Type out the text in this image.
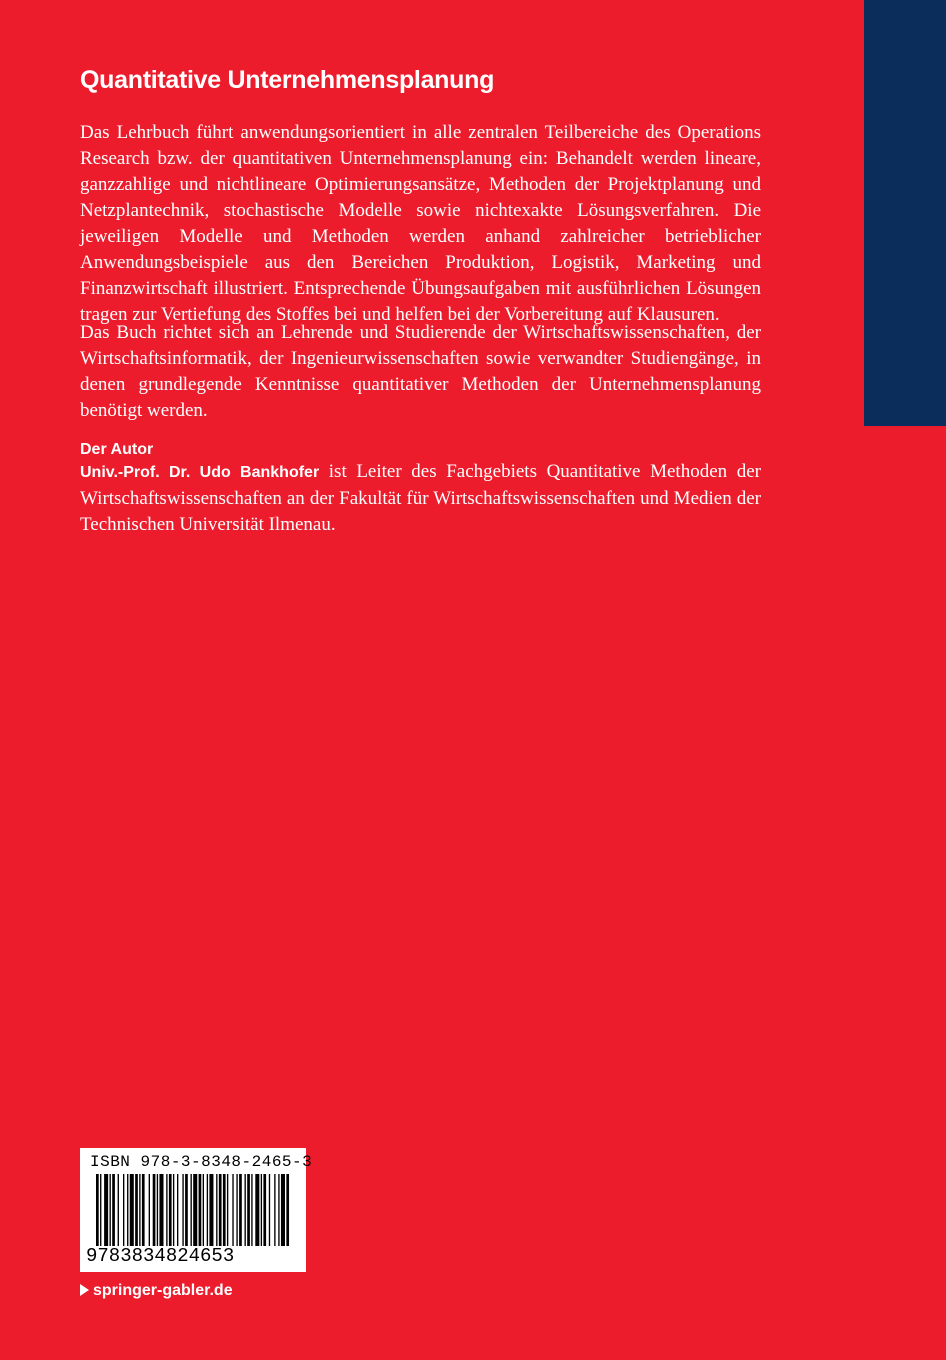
Quantitative Unternehmensplanung

Das Lehrbuch führt anwendungsorientiert in alle zentralen Teilbereiche des Operations Research bzw. der quantitativen Unternehmensplanung ein: Behandelt werden lineare, ganzzahlige und nichtlineare Optimierungsansätze, Methoden der Projektplanung und Netzplantechnik, stochastische Modelle sowie nichtexakte Lösungsverfahren. Die jeweiligen Modelle und Methoden werden anhand zahlreicher betrieblicher Anwendungsbeispiele aus den Bereichen Produktion, Logistik, Marketing und Finanzwirtschaft illustriert. Entsprechende Übungsaufgaben mit ausführlichen Lösungen tragen zur Vertiefung des Stoffes bei und helfen bei der Vorbereitung auf Klausuren.

Das Buch richtet sich an Lehrende und Studierende der Wirtschaftswissenschaften, der Wirtschaftsinformatik, der Ingenieurwissenschaften sowie verwandter Studiengänge, in denen grundlegende Kenntnisse quantitativer Methoden der Unternehmensplanung benötigt werden.

Der Autor

Univ.-Prof. Dr. Udo Bankhofer ist Leiter des Fachgebiets Quantitative Methoden der Wirtschaftswissenschaften an der Fakultät für Wirtschaftswissenschaften und Medien der Technischen Universität Ilmenau.

ISBN 978-3-8348-2465-3
9783834824653
springer-gabler.de
